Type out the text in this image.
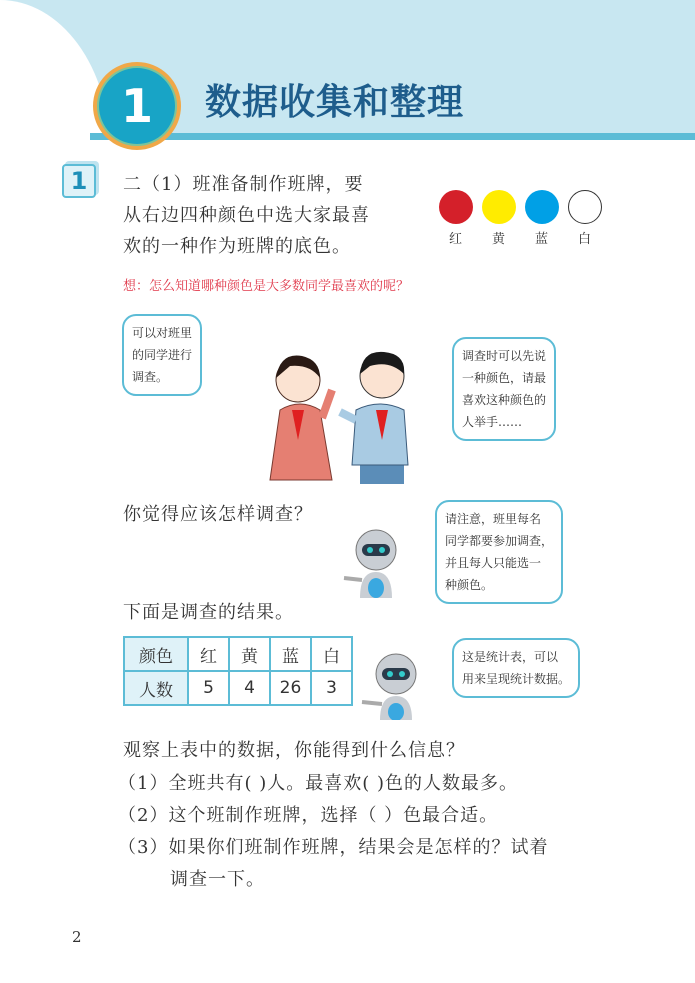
1	数据收集和整理
1	二（1）班准备制作班牌，要
从右边四种颜色中选大家最喜
欢的一种作为班牌的底色。	红 黄 蓝 白
想：怎么知道哪种颜色是大多数同学最喜欢的呢？
可以对班里
的同学进行
调查。
调查时可以先说
一种颜色，请最
喜欢这种颜色的
人举手……
你觉得应该怎样调查？	请注意，班里每名
同学都要参加调查，
并且每人只能选一
种颜色。
下面是调查的结果。
颜色	红	黄	蓝	白
人数	5	4	26	3
这是统计表，可以
用来呈现统计数据。
观察上表中的数据，你能得到什么信息？
（1）全班共有( )人。最喜欢( )色的人数最多。
（2）这个班制作班牌，选择（ ）色最合适。
（3）如果你们班制作班牌，结果会是怎样的？试着
调查一下。
2
